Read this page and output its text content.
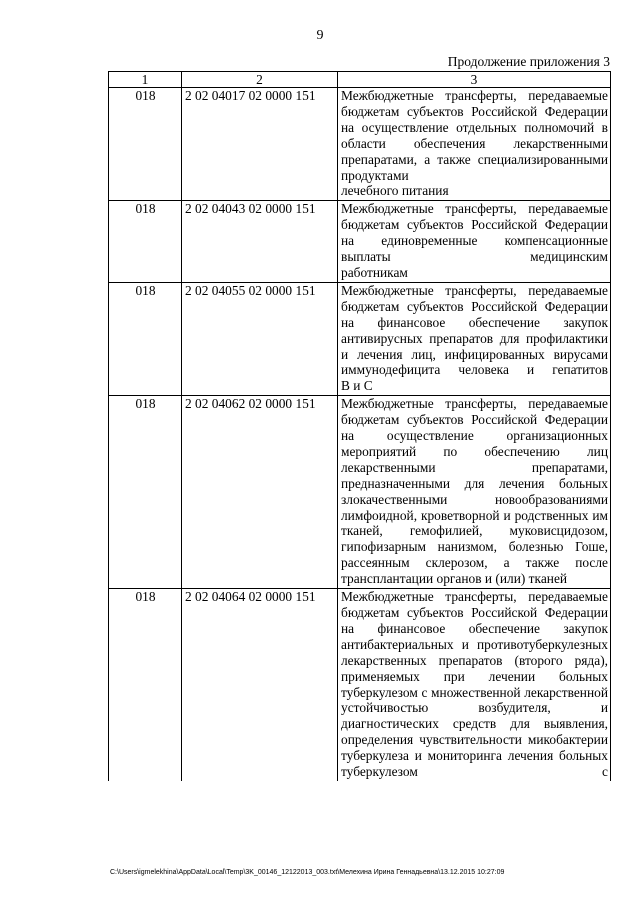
9
Продолжение приложения 3
1	2	3
018	2 02 04017 02 0000 151	Межбюджетные трансферты, передаваемые бюджетам субъектов Российской Федерации на осуществление отдельных полномочий в области обеспечения лекарственными препаратами, а также специализированными продуктами
лечебного питания

018	2 02 04043 02 0000 151	Межбюджетные трансферты, передаваемые бюджетам субъектов Российской Федерации на единовременные компенсационные выплаты медицинским
работникам

018	2 02 04055 02 0000 151	Межбюджетные трансферты, передаваемые бюджетам субъектов Российской Федерации на финансовое обеспечение закупок антивирусных препаратов для профилактики и лечения лиц, инфицированных вирусами иммунодефицита человека и гепатитов
В и С

018	2 02 04062 02 0000 151	Межбюджетные трансферты, передаваемые бюджетам субъектов Российской Федерации на осуществление организационных мероприятий по обеспечению лиц лекарственными препаратами, предназначенными для лечения больных злокачественными новообразованиями лимфоидной, кроветворной и родственных им тканей, гемофилией, муковисцидозом, гипофизарным нанизмом, болезнью Гоше, рассеянным склерозом, а также после
трансплантации органов и (или) тканей

018	2 02 04064 02 0000 151	Межбюджетные трансферты, передаваемые бюджетам субъектов Российской Федерации на финансовое обеспечение закупок антибактериальных и противотуберкулезных лекарственных препаратов (второго ряда), применяемых при лечении больных туберкулезом с множественной лекарственной устойчивостью возбудителя, и диагностических средств для выявления, определения чувствительности микобактерии туберкулеза и мониторинга лечения больных туберкулезом с
C:\Users\igmelekhina\AppData\Local\Temp\3K_00146_12122013_003.txt\Мелехина Ирина Геннадьевна\13.12.2015 10:27:09
